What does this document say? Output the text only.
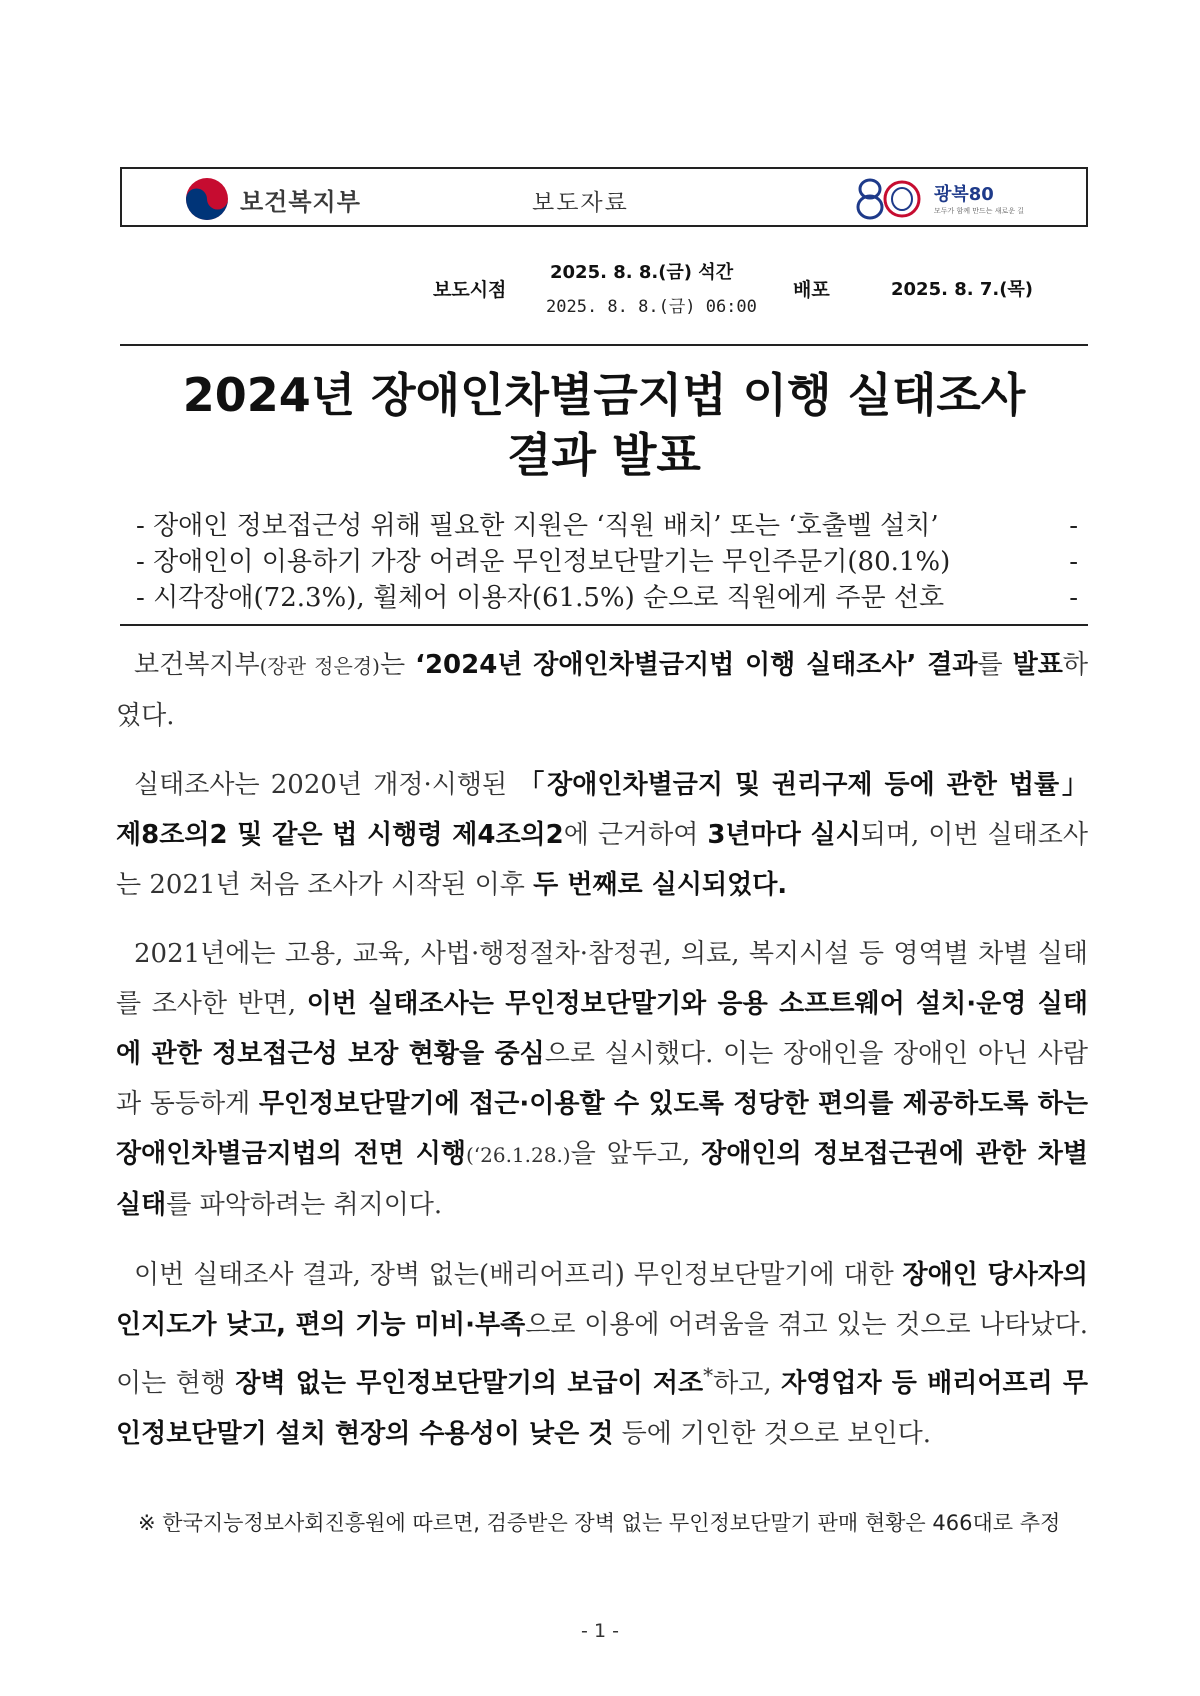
보건복지부	보도자료	광복80
모두가 함께 만드는 새로운 길
보도시점
2025. 8. 8.(금) 석간
2025. 8. 8.(금) 06:00
배포	2025. 8. 7.(목)
2024년 장애인차별금지법 이행 실태조사
결과 발표
- 장애인 정보접근성 위해 필요한 지원은 ‘직원 배치’ 또는 ‘호출벨 설치’	-
- 장애인이 이용하기 가장 어려운 무인정보단말기는 무인주문기(80.1%)	-
- 시각장애(72.3%), 휠체어 이용자(61.5%) 순으로 직원에게 주문 선호	-
보건복지부(장관 정은경)는 ‘2024년 장애인차별금지법 이행 실태조사’ 결과를 발표하였다.
실태조사는 2020년 개정·시행된 「장애인차별금지 및 권리구제 등에 관한 법률」 제8조의2 및 같은 법 시행령 제4조의2에 근거하여 3년마다 실시되며, 이번 실태조사는 2021년 처음 조사가 시작된 이후 두 번째로 실시되었다.
2021년에는 고용, 교육, 사법·행정절차·참정권, 의료, 복지시설 등 영역별 차별 실태를 조사한 반면, 이번 실태조사는 무인정보단말기와 응용 소프트웨어 설치·운영 실태에 관한 정보접근성 보장 현황을 중심으로 실시했다. 이는 장애인을 장애인 아닌 사람과 동등하게 무인정보단말기에 접근·이용할 수 있도록 정당한 편의를 제공하도록 하는 장애인차별금지법의 전면 시행(‘26.1.28.)을 앞두고, 장애인의 정보접근권에 관한 차별 실태를 파악하려는 취지이다.
이번 실태조사 결과, 장벽 없는(배리어프리) 무인정보단말기에 대한 장애인 당사자의 인지도가 낮고, 편의 기능 미비·부족으로 이용에 어려움을 겪고 있는 것으로 나타났다. 이는 현행 장벽 없는 무인정보단말기의 보급이 저조*하고, 자영업자 등 배리어프리 무인정보단말기 설치 현장의 수용성이 낮은 것 등에 기인한 것으로 보인다.
※ 한국지능정보사회진흥원에 따르면, 검증받은 장벽 없는 무인정보단말기 판매 현황은 466대로 추정
- 1 -
